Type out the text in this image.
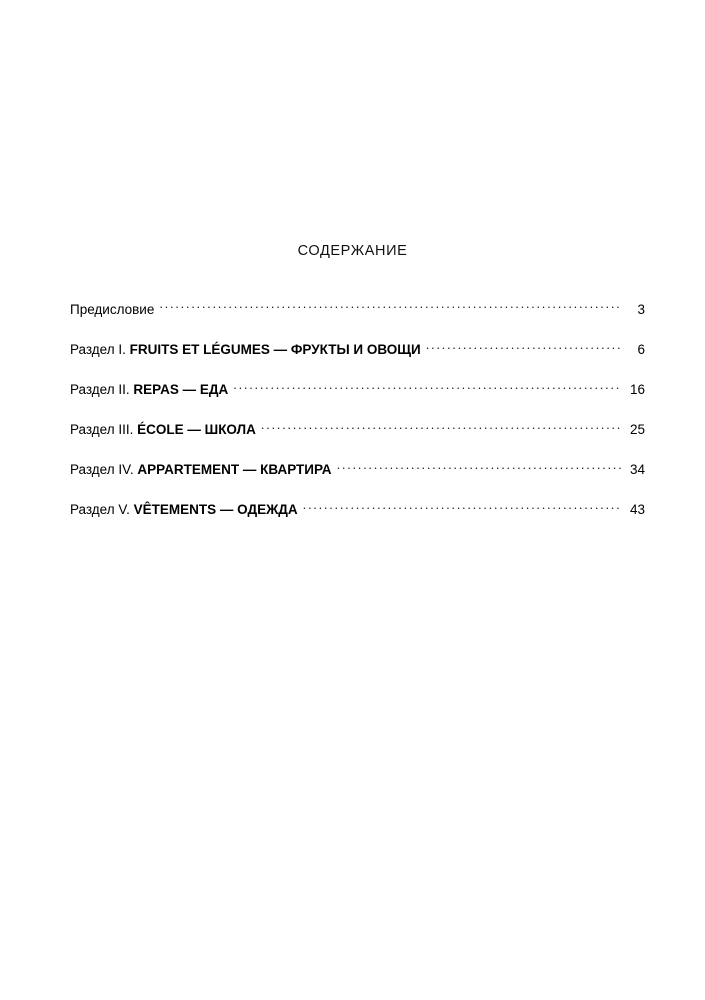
СОДЕРЖАНИЕ
Предисловие .....	3
Раздел I. FRUITS ET LÉGUMES — ФРУКТЫ И ОВОЩИ .....	6
Раздел II. REPAS — ЕДА .....	16
Раздел III. ÉCOLE — ШКОЛА .....	25
Раздел IV. APPARTEMENT — КВАРТИРА .....	34
Раздел V. VÊTEMENTS — ОДЕЖДА .....	43
